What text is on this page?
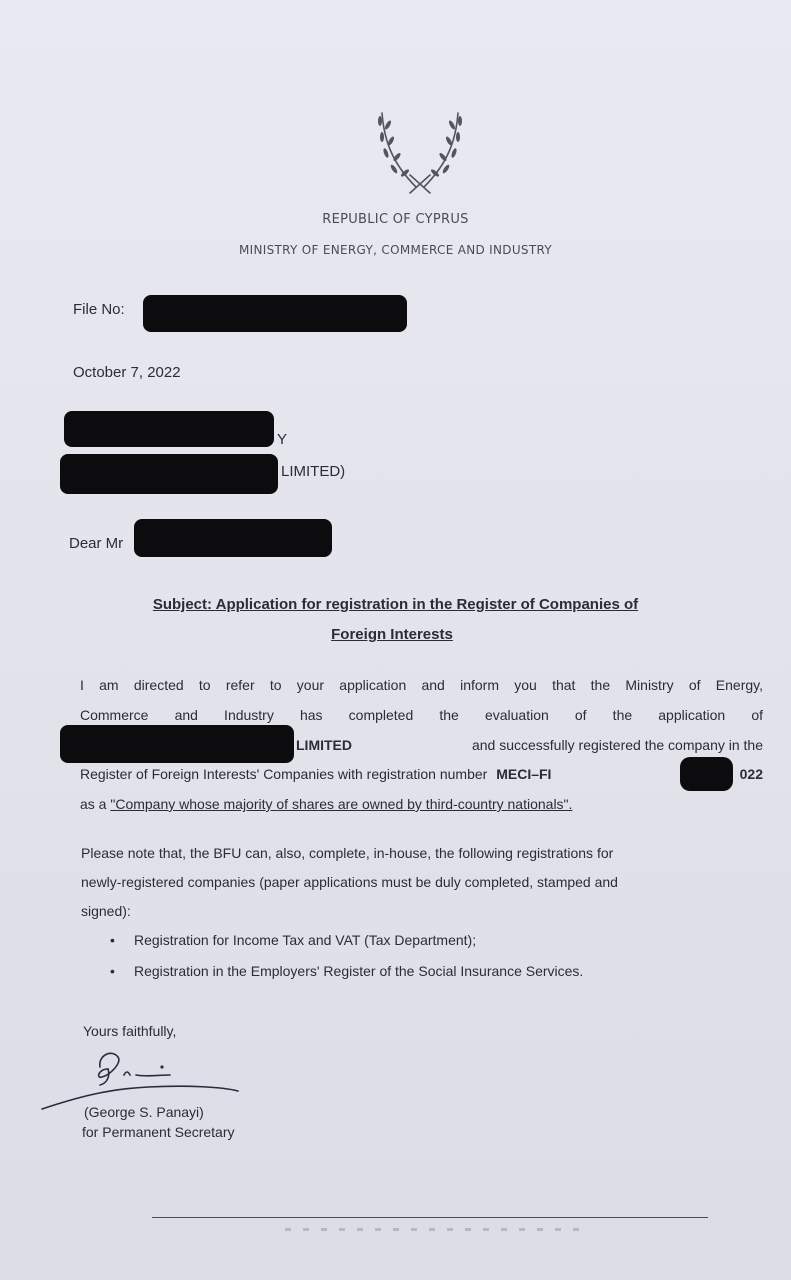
REPUBLIC OF CYPRUS
MINISTRY OF ENERGY, COMMERCE AND INDUSTRY
File No:
October 7, 2022
Y
LIMITED)
Dear Mr
Subject: Application for registration in the Register of Companies of
Foreign Interests
I am directed to refer to your application and inform you that the Ministry of Energy,
Commerce and Industry has completed the evaluation of the application of
LIMITED	and successfully registered the company in the
Register of Foreign Interests' Companies with registration number MECI–FI	022
as a "Company whose majority of shares are owned by third-country nationals".
Please note that, the BFU can, also, complete, in-house, the following registrations for
newly-registered companies (paper applications must be duly completed, stamped and
signed):
• Registration for Income Tax and VAT (Tax Department);
• Registration in the Employers' Register of the Social Insurance Services.
Yours faithfully,
(George S. Panayi)
for Permanent Secretary
